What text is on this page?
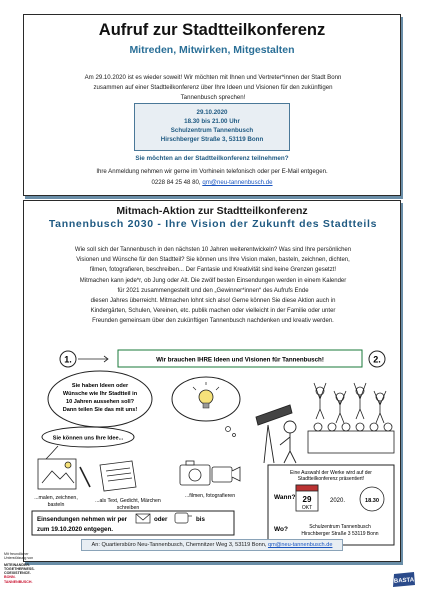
Aufruf zur Stadtteilkonferenz
Mitreden, Mitwirken, Mitgestalten
Am 29.10.2020 ist es wieder soweit! Wir möchten mit Ihnen und Vertreter*innen der Stadt Bonn
zusammen auf einer Stadtteilkonferenz über Ihre Ideen und Visionen für den zukünftigen
Tannenbusch sprechen!
29.10.2020
18.30 bis 21.00 Uhr
Schulzentrum Tannenbusch
Hirschberger Straße 3, 53119 Bonn
Sie möchten an der Stadtteilkonferenz teilnehmen?
Ihre Anmeldung nehmen wir gerne im Vorhinein telefonisch oder per E-Mail entgegen.
0228 84 25 48 80, qm@neu-tannenbusch.de
Mitmach-Aktion zur Stadtteilkonferenz
Tannenbusch 2030 - Ihre Vision der Zukunft des Stadtteils

Wie soll sich der Tannenbusch in den nächsten 10 Jahren weiterentwickeln? Was sind Ihre persönlichen

Visionen und Wünsche für den Stadtteil? Sie können uns Ihre Vision malen, basteln, zeichnen, dichten,

filmen, fotografieren, beschreiben... Der Fantasie und Kreativität sind keine Grenzen gesetzt!

Mitmachen kann jede*r, ob Jung oder Alt. Die zwölf besten Einsendungen werden in einem Kalender

für 2021 zusammengestellt und den „Gewinner*innen“ des Aufrufs Ende

diesen Jahres überreicht. Mitmachen lohnt sich also! Gerne können Sie diese Aktion auch in

Kindergärten, Schulen, Vereinen, etc. publik machen oder vielleicht in der Familie oder unter

Freunden gemeinsam über den zukünftigen Tannenbusch nachdenken und kreativ werden.

1.	Wir brauchen IHRE Ideen und Visionen für Tannenbusch!	2.
Sie haben Ideen oder
Wünsche wie Ihr Stadtteil in
10 Jahren aussehen soll?
Dann teilen Sie das mit uns!
Sie können uns Ihre Idee...
...malen, zeichnen,
basteln
...als Text, Gedicht, Märchen
schreiben
...filmen, fotografieren
Einsendungen nehmen wir per	oder	bis
zum 19.10.2020 entgegen.
Eine Auswahl der Werke wird auf der
Stadtteilkonferenz präsentiert!
Wann? 29
OKT
2020.	18.30
Wo?	Schulzentrum Tannenbusch
Hirschberger Straße 3 53119 Bonn
An: Quartiersbüro Neu-Tannenbusch, Chemnitzer Weg 3, 53119 Bonn, qm@neu-tannenbusch.de
Mit freundlicher
Unterstützung von
MITEINANDER.
TOGETHERNESS.
COEXISTENCE.
BONN.
TANNENBUSCH.	BASTA
